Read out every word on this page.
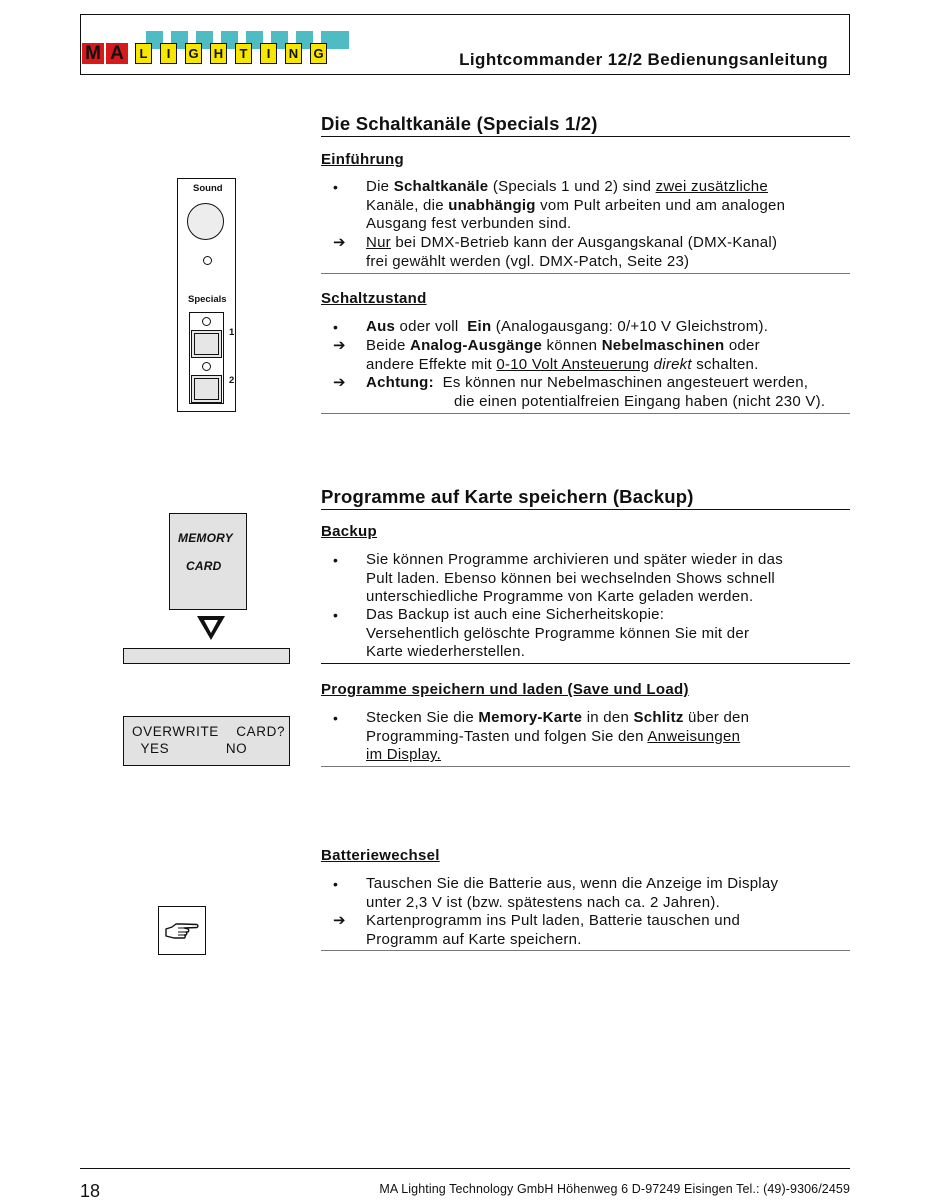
M A	L	I	G H	T	I	N G	Lightcommander 12/2 Bedienungsanleitung
Die Schaltkanäle (Specials 1/2)
Einführung
•	Die Schaltkanäle (Specials 1 und 2) sind zwei zusätzliche
Kanäle, die unabhängig vom Pult arbeiten und am analogen
Ausgang fest verbunden sind.
➔	Nur bei DMX-Betrieb kann der Ausgangskanal (DMX-Kanal)
frei gewählt werden (vgl. DMX-Patch, Seite 23)
Schaltzustand
•	Aus oder voll  Ein (Analogausgang: 0/+10 V Gleichstrom).
➔	Beide Analog-Ausgänge können Nebelmaschinen oder
andere Effekte mit 0-10 Volt Ansteuerung direkt schalten.
➔	Achtung:  Es können nur Nebelmaschinen angesteuert werden,
die einen potentialfreien Eingang haben (nicht 230 V).
Sound
Specials
1
2
Programme auf Karte speichern (Backup)
Backup
•	Sie können Programme archivieren und später wieder in das
Pult laden. Ebenso können bei wechselnden Shows schnell
unterschiedliche Programme von Karte geladen werden.
•	Das Backup ist auch eine Sicherheitskopie:
Versehentlich gelöschte Programme können Sie mit der
Karte wiederherstellen.
Programme speichern und laden (Save und Load)
•	Stecken Sie die Memory-Karte in den Schlitz über den
Programming-Tasten und folgen Sie den Anweisungen
im Display.
MEMORY
CARD
OVERWRITE    CARD?
YES             NO
Batteriewechsel
•	Tauschen Sie die Batterie aus, wenn die Anzeige im Display
unter 2,3 V ist (bzw. spätestens nach ca. 2 Jahren).
➔	Kartenprogramm ins Pult laden, Batterie tauschen und
Programm auf Karte speichern.
18	MA Lighting Technology GmbH Höhenweg 6 D-97249 Eisingen Tel.: (49)-9306/2459
